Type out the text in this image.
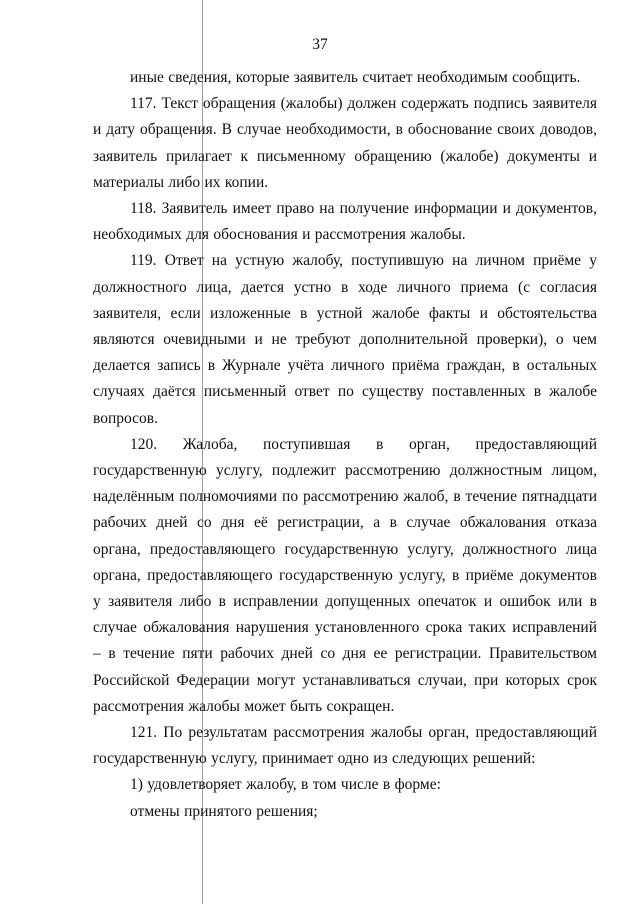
37

иные сведения, которые заявитель считает необходимым сообщить.

117. Текст обращения (жалобы) должен содержать подпись заявителя и дату обращения. В случае необходимости, в обоснование своих доводов, заявитель прилагает к письменному обращению (жалобе) документы и материалы либо их копии.

118. Заявитель имеет право на получение информации и документов, необходимых для обоснования и рассмотрения жалобы.

119. Ответ на устную жалобу, поступившую на личном приёме у должностного лица, дается устно в ходе личного приема (с согласия заявителя, если изложенные в устной жалобе факты и обстоятельства являются очевидными и не требуют дополнительной проверки), о чем делается запись в Журнале учёта личного приёма граждан, в остальных случаях даётся письменный ответ по существу поставленных в жалобе вопросов.

120. Жалоба, поступившая в орган, предоставляющий государственную услугу, подлежит рассмотрению должностным лицом, наделённым полномочиями по рассмотрению жалоб, в течение пятнадцати рабочих дней со дня её регистрации, а в случае обжалования отказа органа, предоставляющего государственную услугу, должностного лица органа, предоставляющего государственную услугу, в приёме документов у заявителя либо в исправлении допущенных опечаток и ошибок или в случае обжалования нарушения установленного срока таких исправлений – в течение пяти рабочих дней со дня ее регистрации. Правительством Российской Федерации могут устанавливаться случаи, при которых срок рассмотрения жалобы может быть сокращен.

121. По результатам рассмотрения жалобы орган, предоставляющий государственную услугу, принимает одно из следующих решений:

1) удовлетворяет жалобу, в том числе в форме:

отмены принятого решения;
